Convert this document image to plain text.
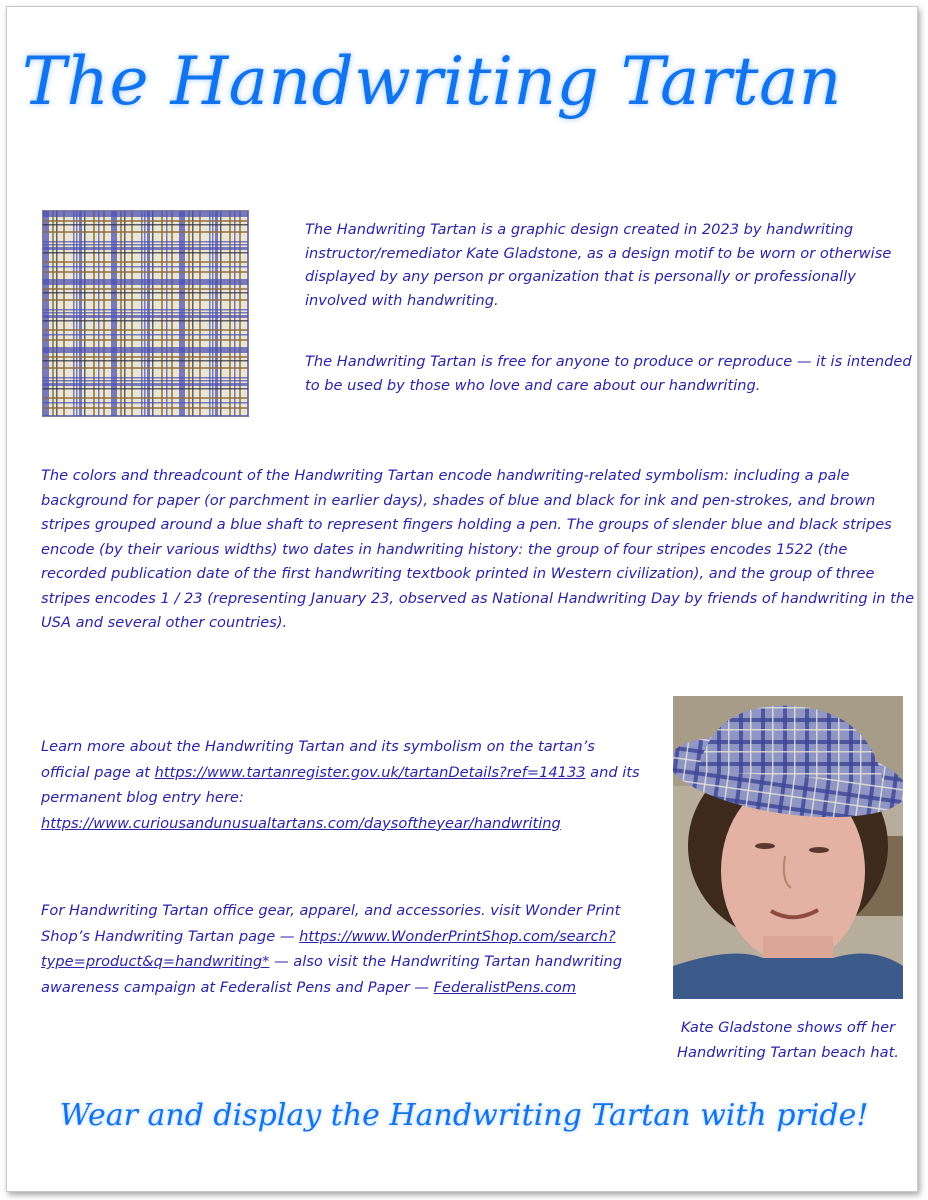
The Handwriting Tartan

The Handwriting Tartan is a graphic design created in 2023 by handwriting instructor/remediator Kate Gladstone, as a design motif to be worn or otherwise displayed by any person pr organization that is personally or professionally involved with handwriting.

The Handwriting Tartan is free for anyone to produce or reproduce — it is intended to be used by those who love and care about our handwriting.

The colors and threadcount of the Handwriting Tartan encode handwriting-related symbolism: including a pale background for paper (or parchment in earlier days), shades of blue and black for ink and pen-strokes, and brown stripes grouped around a blue shaft to represent fingers holding a pen. The groups of slender blue and black stripes encode (by their various widths) two dates in handwriting history: the group of four stripes encodes 1522 (the recorded publication date of the first handwriting textbook printed in Western civilization), and the group of three stripes encodes 1 / 23 (representing January 23, observed as National Handwriting Day by friends of handwriting in the USA and several other countries).

Learn more about the Handwriting Tartan and its symbolism on the tartan’s official page at https://www.tartanregister.gov.uk/tartanDetails?ref=14133 and its permanent blog entry here: https://www.curiousandunusualtartans.com/daysoftheyear/handwriting

For Handwriting Tartan office gear, apparel, and accessories. visit Wonder Print Shop’s Handwriting Tartan page — https://www.WonderPrintShop.com/search?type=product&q=handwriting* — also visit the Handwriting Tartan handwriting awareness campaign at Federalist Pens and Paper — FederalistPens.com

Kate Gladstone shows off her Handwriting Tartan beach hat.

Wear and display the Handwriting Tartan with pride!
